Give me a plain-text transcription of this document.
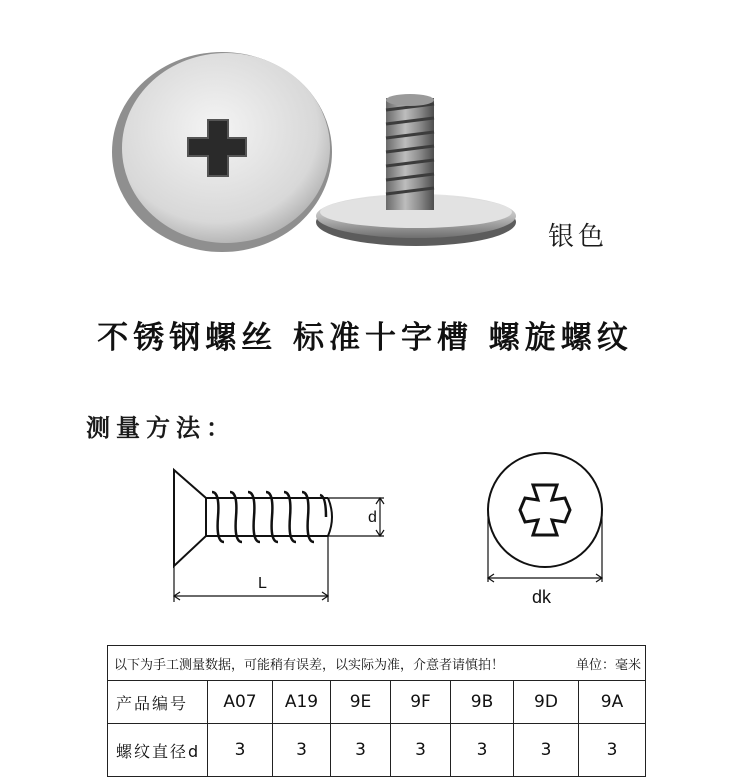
银色
不锈钢螺丝 标准十字槽 螺旋螺纹
测量方法：
d
L
dk
以下为手工测量数据，可能稍有误差，以实际为准，介意者请慎拍！ 单位：毫米							

产品编号	A07	A19	9E	9F	9B	9D	9A
螺纹直径d	3	3	3	3	3	3	3
